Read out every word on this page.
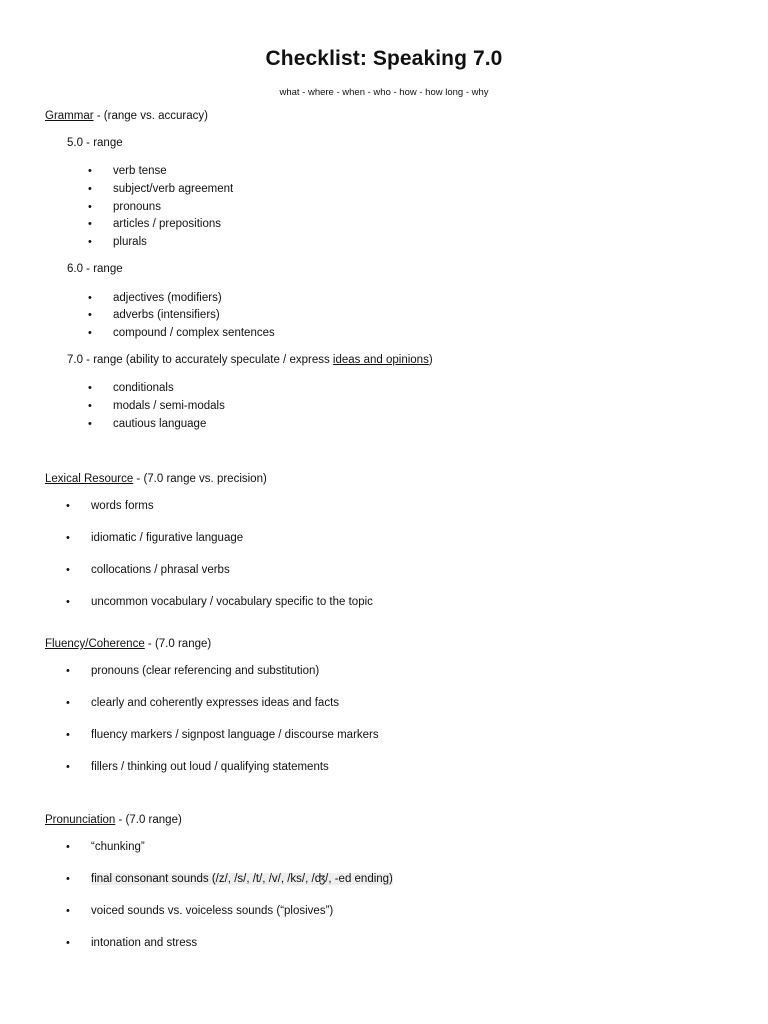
Checklist: Speaking 7.0
what - where - when - who - how - how long - why
Grammar - (range vs. accuracy)
5.0 - range
• verb tense
• subject/verb agreement
• pronouns
• articles / prepositions
• plurals
6.0 - range
• adjectives (modifiers)
• adverbs (intensifiers)
• compound / complex sentences
7.0 - range (ability to accurately speculate / express ideas and opinions)
• conditionals
• modals / semi-modals
• cautious language
Lexical Resource - (7.0 range vs. precision)
• words forms
• idiomatic / figurative language
• collocations / phrasal verbs
• uncommon vocabulary / vocabulary specific to the topic
Fluency/Coherence - (7.0 range)
• pronouns (clear referencing and substitution)
• clearly and coherently expresses ideas and facts
• fluency markers / signpost language / discourse markers
• fillers / thinking out loud / qualifying statements
Pronunciation - (7.0 range)
• “chunking”
• final consonant sounds (/z/, /s/, /t/, /v/, /ks/, /ʤ/, -ed ending)
• voiced sounds vs. voiceless sounds (“plosives”)
• intonation and stress
